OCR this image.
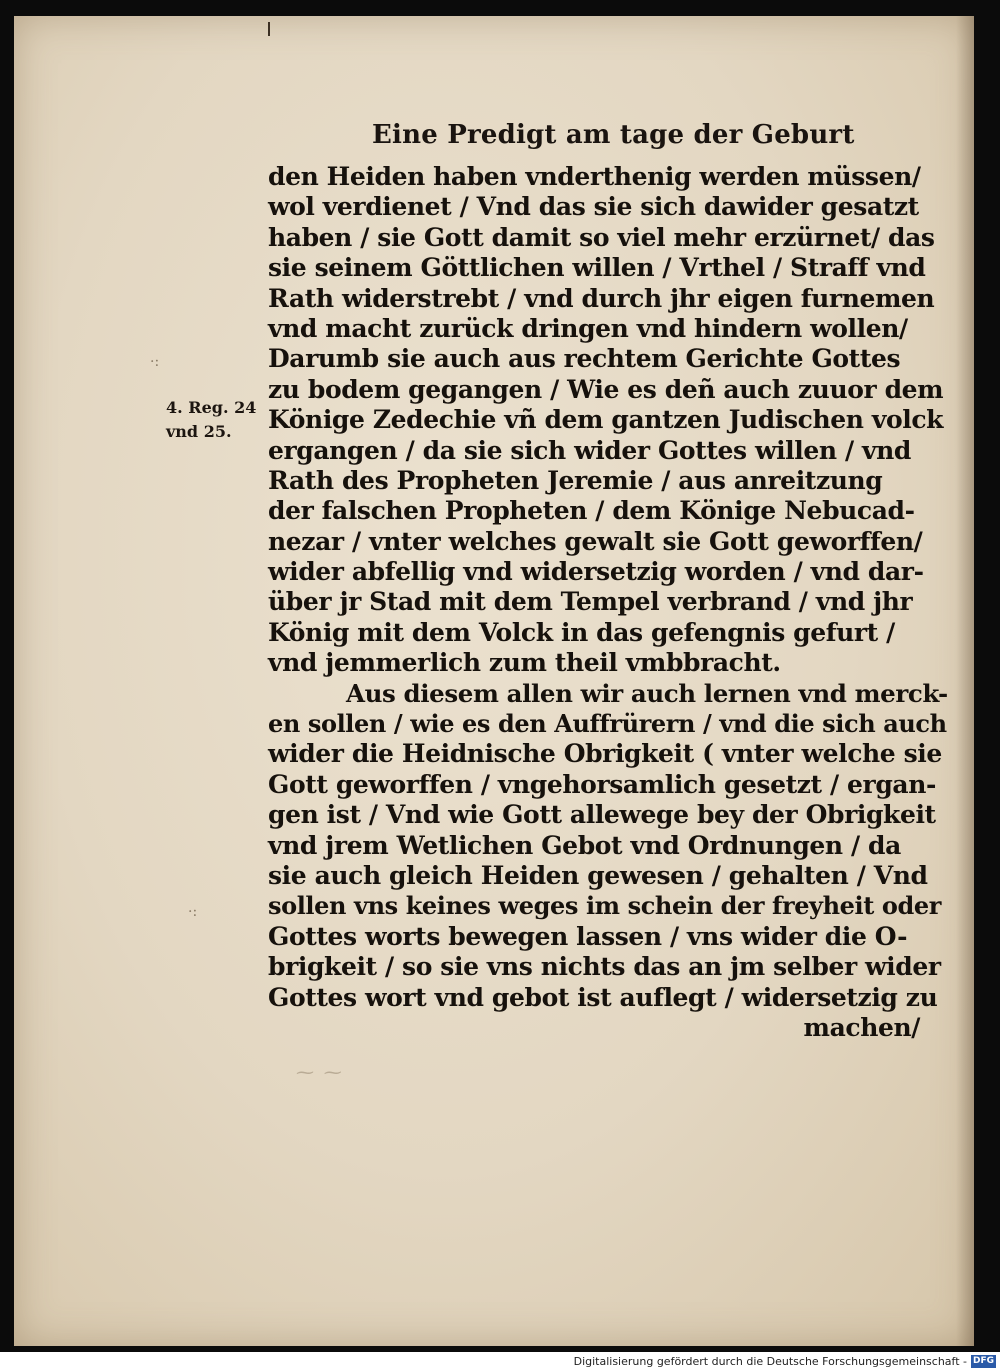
Eine Predigt am tage der Geburt
4. Reg. 24
vnd 25.
·:
·:
⁓ ⁓
den Heiden haben vnderthenig werden müssen/
wol verdienet / Vnd das sie sich dawider gesatzt
haben / sie Gott damit so viel mehr erzürnet/ das
sie seinem Göttlichen willen / Vrthel / Straff vnd
Rath widerstrebt / vnd durch jhr eigen furnemen
vnd macht zurück dringen vnd hindern wollen/
Darumb sie auch aus rechtem Gerichte Gottes
zu bodem gegangen / Wie es deñ auch zuuor dem
Könige Zedechie vñ dem gantzen Judischen volck
ergangen / da sie sich wider Gottes willen / vnd
Rath des Propheten Jeremie / aus anreitzung
der falschen Propheten / dem Könige Nebucad-
nezar / vnter welches gewalt sie Gott geworffen/
wider abfellig vnd widersetzig worden / vnd dar-
über jr Stad mit dem Tempel verbrand / vnd jhr
König mit dem Volck in das gefengnis gefurt /
vnd jemmerlich zum theil vmbbracht.
Aus diesem allen wir auch lernen vnd merck-
en sollen / wie es den Auffrürern / vnd die sich auch
wider die Heidnische Obrigkeit ( vnter welche sie
Gott geworffen / vngehorsamlich gesetzt / ergan-
gen ist / Vnd wie Gott allewege bey der Obrigkeit
vnd jrem Wetlichen Gebot vnd Ordnungen / da
sie auch gleich Heiden gewesen / gehalten / Vnd
sollen vns keines weges im schein der freyheit oder
Gottes worts bewegen lassen / vns wider die O-
brigkeit / so sie vns nichts das an jm selber wider
Gottes wort vnd gebot ist auflegt / widersetzig zu
machen/
Digitalisierung gefördert durch die Deutsche Forschungsgemeinschaft - DFG
